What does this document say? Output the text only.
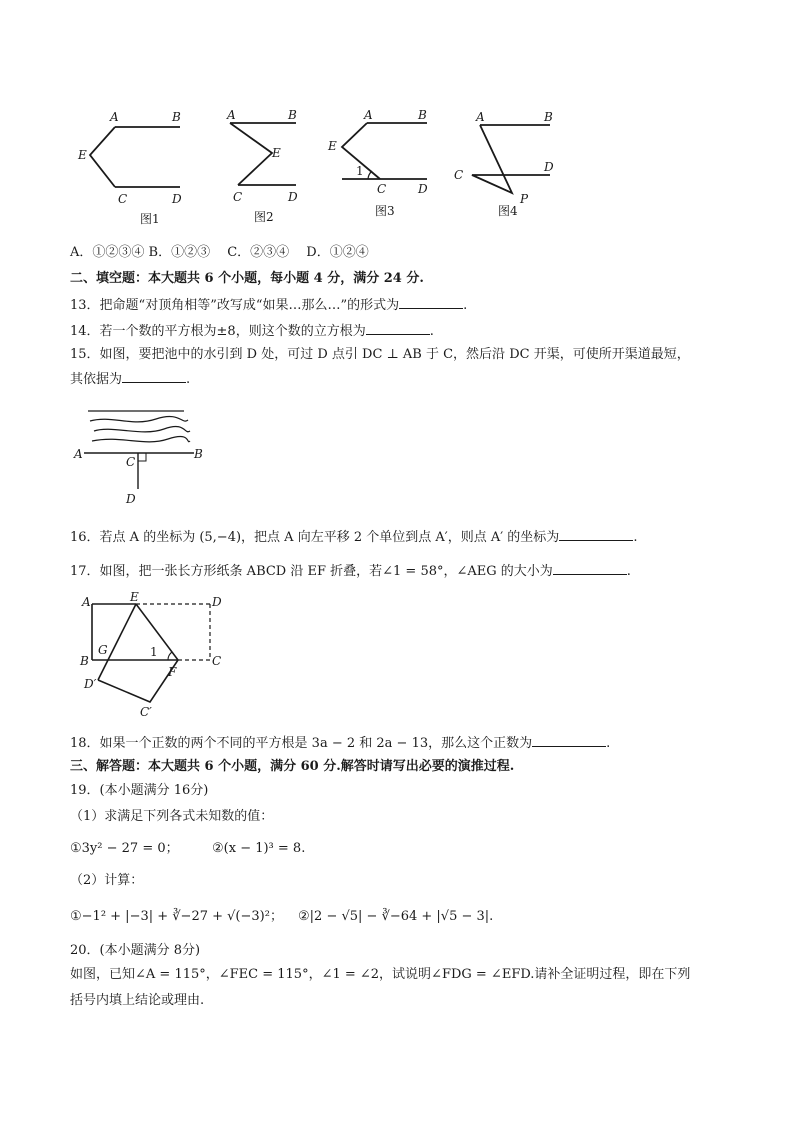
A	B
E
C	D
图1
A	B
E
C	D
图2
A	B
E
1
C	D
图3
A	B
C
D
P
图4
A．①②③④ B．①②③　 C．②③④　 D．①②④
二、填空题：本大题共 6 个小题，每小题 4 分，满分 24 分.
13．把命题“对顶角相等”改写成“如果…那么…”的形式为	.
14．若一个数的平方根为±8，则这个数的立方根为	.
15．如图，要把池中的水引到 D 处，可过 D 点引 DC ⊥ AB 于 C，然后沿 DC 开渠，可使所开渠道最短，
其依据为	.
A
C
B
D
16．若点 A 的坐标为 (5,−4)，把点 A 向左平移 2 个单位到点 A′，则点 A′ 的坐标为	.
17．如图，把一张长方形纸条 ABCD 沿 EF 折叠，若∠1 = 58°，∠AEG 的大小为	.
A	E	D
B
G	1
F
C
D′
C′
18．如果一个正数的两个不同的平方根是 3a − 2 和 2a − 13，那么这个正数为	.
三、解答题：本大题共 6 个小题，满分 60 分.解答时请写出必要的演推过程.
19．(本小题满分 16分)
（1）求满足下列各式未知数的值：
①3y² − 27 = 0；	②(x − 1)³ = 8.
（2）计算：
①−1² + |−3| + ∛−27 + √(−3)²； ②|2 − √5| − ∛−64 + |√5 − 3|.
20．(本小题满分 8分)
如图，已知∠A = 115°，∠FEC = 115°，∠1 = ∠2，试说明∠FDG = ∠EFD.请补全证明过程，即在下列
括号内填上结论或理由.
